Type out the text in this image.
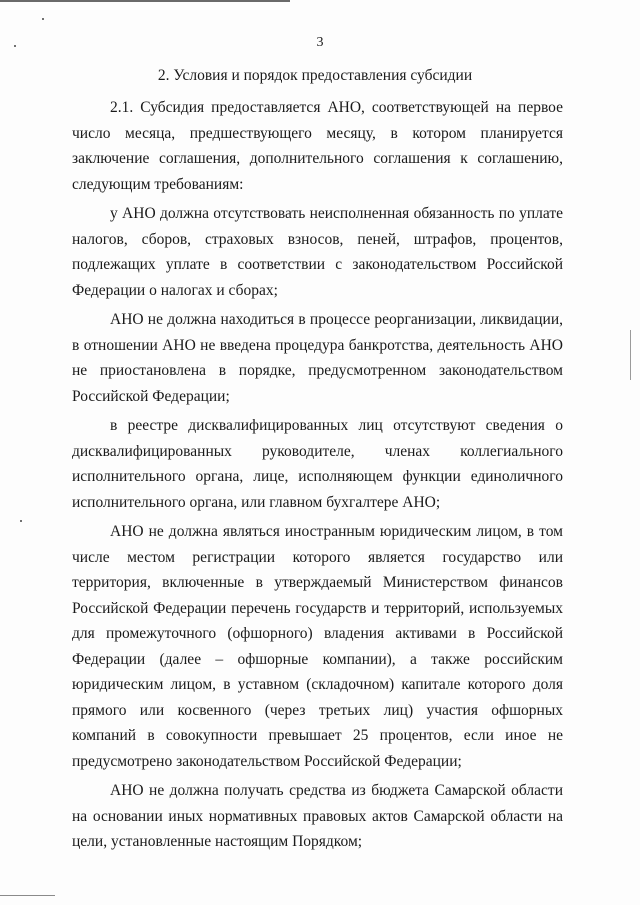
3
2. Условия и порядок предоставления субсидии

2.1. Субсидия предоставляется АНО, соответствующей на первое число месяца, предшествующего месяцу, в котором планируется заключение соглашения, дополнительного соглашения к соглашению, следующим требованиям:

у АНО должна отсутствовать неисполненная обязанность по уплате налогов, сборов, страховых взносов, пеней, штрафов, процентов, подлежащих уплате в соответствии с законодательством Российской Федерации о налогах и сборах;

АНО не должна находиться в процессе реорганизации, ликвидации, в отношении АНО не введена процедура банкротства, деятельность АНО не приостановлена в порядке, предусмотренном законодательством Российской Федерации;

в реестре дисквалифицированных лиц отсутствуют сведения о дисквалифицированных руководителе, членах коллегиального исполнительного органа, лице, исполняющем функции единоличного исполнительного органа, или главном бухгалтере АНО;

АНО не должна являться иностранным юридическим лицом, в том числе местом регистрации которого является государство или территория, включенные в утверждаемый Министерством финансов Российской Федерации перечень государств и территорий, используемых для промежуточного (офшорного) владения активами в Российской Федерации (далее – офшорные компании), а также российским юридическим лицом, в уставном (складочном) капитале которого доля прямого или косвенного (через третьих лиц) участия офшорных компаний в совокупности превышает 25 процентов, если иное не предусмотрено законодательством Российской Федерации;

АНО не должна получать средства из бюджета Самарской области на основании иных нормативных правовых актов Самарской области на цели, установленные настоящим Порядком;
